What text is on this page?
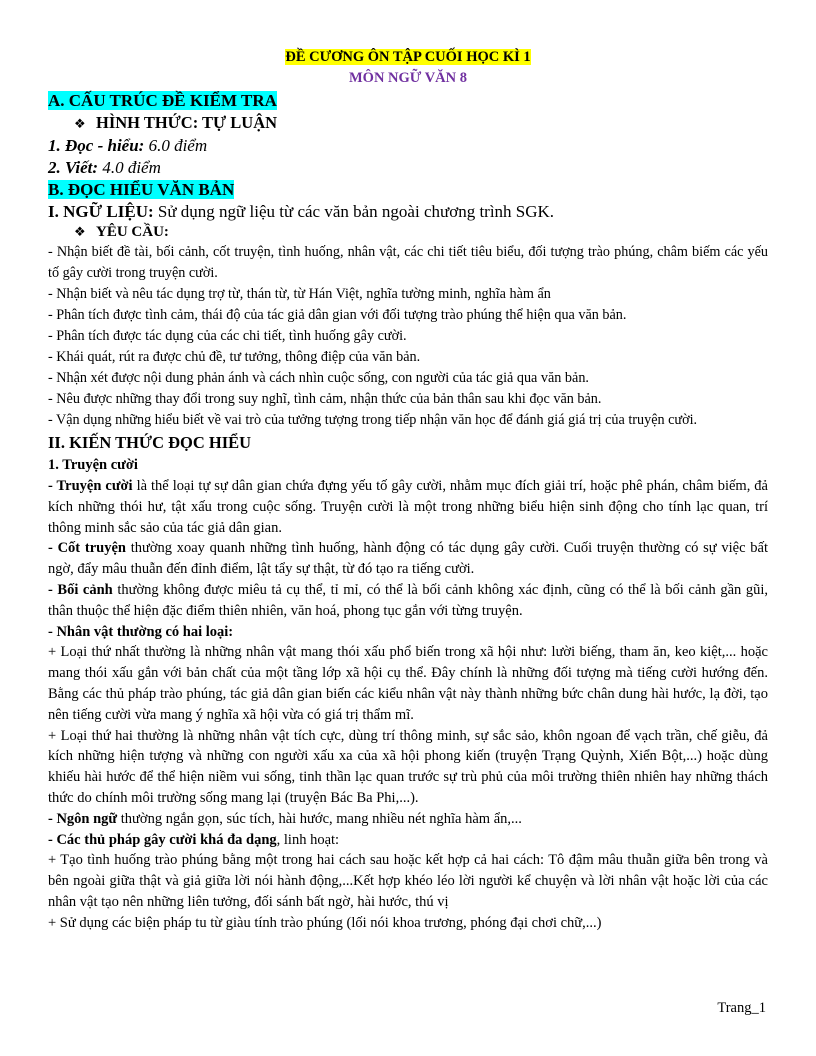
ĐỀ CƯƠNG ÔN TẬP CUỐI HỌC KÌ 1
MÔN NGỮ VĂN 8
A. CẤU TRÚC ĐỀ KIỂM TRA
❖ HÌNH THỨC: TỰ LUẬN
1. Đọc - hiểu: 6.0 điểm
2. Viết: 4.0 điểm
B. ĐỌC HIỂU VĂN BẢN
I. NGỮ LIỆU: Sử dụng ngữ liệu từ các văn bản ngoài chương trình SGK.
❖ YÊU CẦU:
- Nhận biết đề tài, bối cảnh, cốt truyện, tình huống, nhân vật, các chi tiết tiêu biểu, đối tượng trào phúng, châm biếm các yếu tố gây cười trong truyện cười.
- Nhận biết và nêu tác dụng trợ từ, thán từ, từ Hán Việt, nghĩa tường minh, nghĩa hàm ẩn
- Phân tích được tình cảm, thái độ của tác giả dân gian với đối tượng trào phúng thể hiện qua văn bản.
- Phân tích được tác dụng của các chi tiết, tình huống gây cười.
- Khái quát, rút ra được chủ đề, tư tưởng, thông điệp của văn bản.
- Nhận xét được nội dung phản ánh và cách nhìn cuộc sống, con người của tác giả qua văn bản.
- Nêu được những thay đổi trong suy nghĩ, tình cảm, nhận thức của bản thân sau khi đọc văn bản.
- Vận dụng những hiểu biết về vai trò của tưởng tượng trong tiếp nhận văn học để đánh giá giá trị của truyện cười.
II. KIẾN THỨC ĐỌC HIỂU
1. Truyện cười
- Truyện cười là thể loại tự sự dân gian chứa đựng yếu tố gây cười, nhằm mục đích giải trí, hoặc phê phán, châm biếm, đả kích những thói hư, tật xấu trong cuộc sống. Truyện cười là một trong những biểu hiện sinh động cho tính lạc quan, trí thông minh sắc sảo của tác giả dân gian.
- Cốt truyện thường xoay quanh những tình huống, hành động có tác dụng gây cười. Cuối truyện thường có sự việc bất ngờ, đẩy mâu thuẫn đến đỉnh điểm, lật tẩy sự thật, từ đó tạo ra tiếng cười.
- Bối cảnh thường không được miêu tả cụ thể, tỉ mỉ, có thể là bối cảnh không xác định, cũng có thể là bối cảnh gần gũi, thân thuộc thể hiện đặc điểm thiên nhiên, văn hoá, phong tục gắn với từng truyện.
- Nhân vật thường có hai loại:
+ Loại thứ nhất thường là những nhân vật mang thói xấu phổ biến trong xã hội như: lười biếng, tham ăn, keo kiệt,... hoặc mang thói xấu gắn với bản chất của một tầng lớp xã hội cụ thể. Đây chính là những đối tượng mà tiếng cười hướng đến. Bằng các thủ pháp trào phúng, tác giả dân gian biến các kiểu nhân vật này thành những bức chân dung hài hước, lạ đời, tạo nên tiếng cười vừa mang ý nghĩa xã hội vừa có giá trị thẩm mĩ.
+ Loại thứ hai thường là những nhân vật tích cực, dùng trí thông minh, sự sắc sảo, khôn ngoan để vạch trần, chế giễu, đả kích những hiện tượng và những con người xấu xa của xã hội phong kiến (truyện Trạng Quỳnh, Xiển Bột,...) hoặc dùng khiếu hài hước để thể hiện niềm vui sống, tinh thần lạc quan trước sự trù phủ của môi trường thiên nhiên hay những thách thức do chính môi trường sống mang lại (truyện Bác Ba Phi,...).
- Ngôn ngữ thường ngắn gọn, súc tích, hài hước, mang nhiều nét nghĩa hàm ẩn,...
- Các thủ pháp gây cười khá đa dạng, linh hoạt:
+ Tạo tình huống trào phúng bằng một trong hai cách sau hoặc kết hợp cả hai cách: Tô đậm mâu thuẫn giữa bên trong và bên ngoài giữa thật và giả giữa lời nói hành động,...Kết hợp khéo léo lời người kể chuyện và lời nhân vật hoặc lời của các nhân vật tạo nên những liên tưởng, đối sánh bất ngờ, hài hước, thú vị
+ Sử dụng các biện pháp tu từ giàu tính trào phúng (lối nói khoa trương, phóng đại chơi chữ,...)
Trang_1
